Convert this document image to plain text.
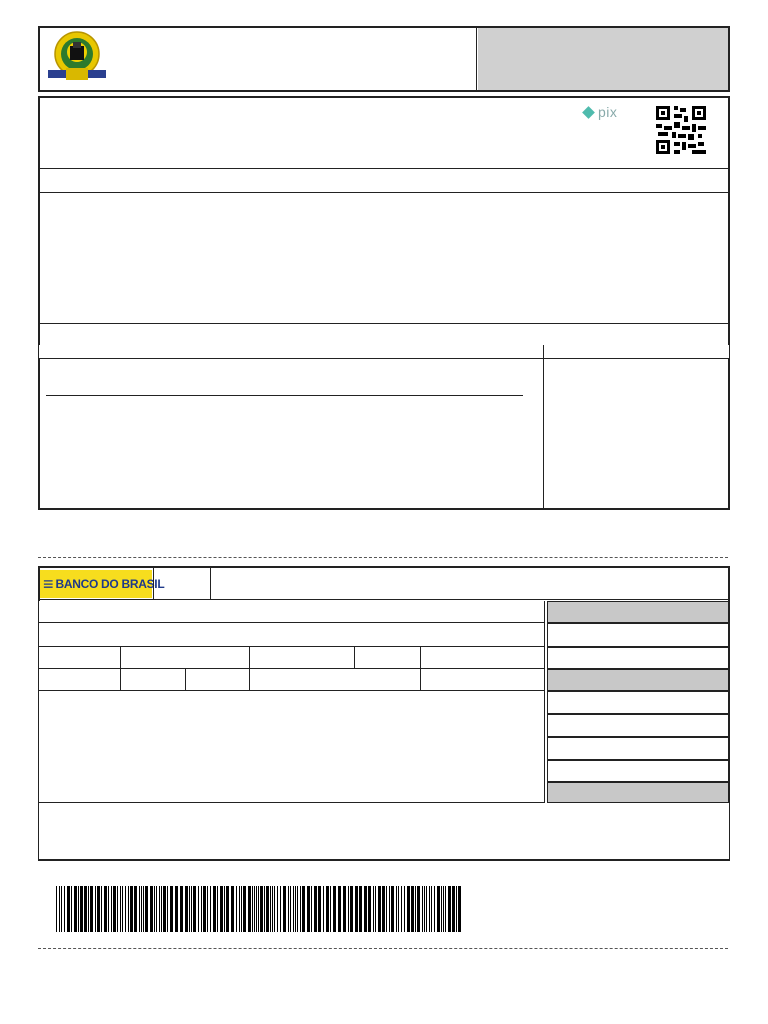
pix
≡ BANCO DO BRASIL
